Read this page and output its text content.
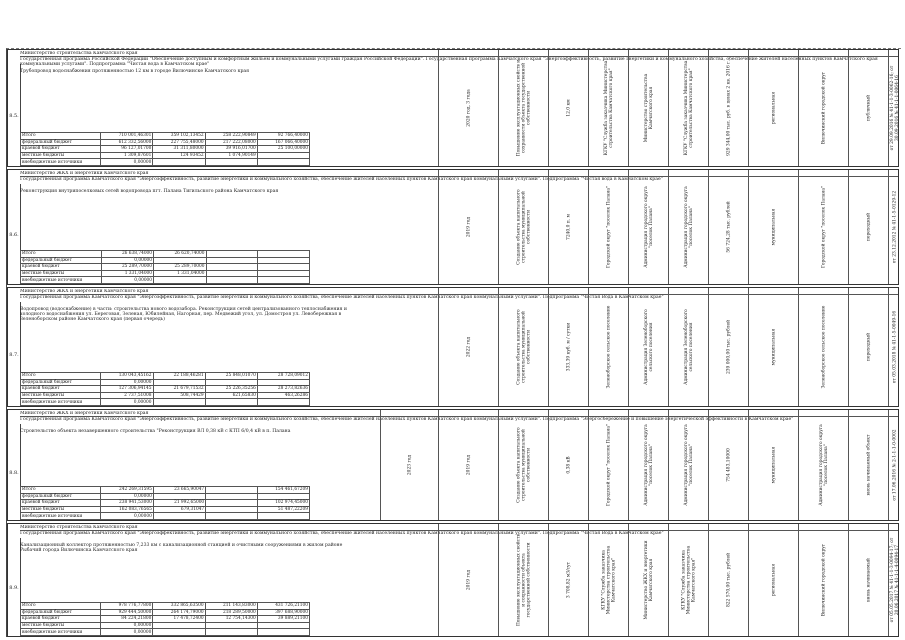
8.5.
Министерство строительства Камчатского края
Государственная программа Российской Федерации "Обеспечение доступным и комфортным жильем и коммунальными услугами граждан Российской Федерации". Государственная программа Камчатского края "Энергоэффективность, развитие энергетики и коммунального хозяйства, обеспечение жителей населенных пунктов Камчатского края коммунальными услугами". Подпрограмма "Чистая вода в Камчатском крае"
Трубопровод водоснабжения протяженностью 12 км в городе Вилючинске Камчатского края
Итого	710 001,46301	359 102,13452	258 222,90849	92 766,40000
федеральный бюджет	612 332,56000	227 755,48000	217 222,08000	167 066,40000
краевой бюджет	96 127,01700	31 311,80000	39 916,01700	25 100,00000
местные бюджеты	1 309,87601	124 93452	1 074,90149	
внебюджетные источники	0,00000			
2020 год, 3 года	Повышение эксплуатационных свойств и сохранности объекта государственной собственности	12,0 км	КГКУ "Служба заказчика Министерства строительства Камчатского края"	Министерство строительства Камчатского края	КГКУ "Служба заказчика Министерства строительства Камчатского края"	929 344,00 тыс. руб. в ценах 2 кв. 2016 г.	региональная	Вилючинский городской округ	публичный	от 29.09.2016 № 41-1-1-3-0062-16; от 30.09.2016 № 41-1-1-0064-16
8.6.
Министерство ЖКХ и энергетики Камчатского края
Государственная программа Камчатского края "Энергоэффективность, развитие энергетики и коммунального хозяйства, обеспечение жителей населенных пунктов Камчатского края коммунальными услугами". Подпрограмма "Чистая вода в Камчатском крае"
Реконструкция внутрипоселковых сетей водопровода пгт. Палана Тигильского района Камчатского края
Итого	26 638,74000	26 620,74000		
федеральный бюджет	0,00000			
краевой бюджет	25 289,70000	25 289,70000		
местные бюджеты	1 331,04000	1 331,04000		
внебюджетные источники	0,00000			
2019 год	Создание объекта капитального строительства муниципальной собственности	7240,0 п. м	Городской округ "поселок Палана"	Администрация городского округа "поселок Палана"	Администрация городского округа "поселок Палана"	56 724,28 тыс. рублей	муниципальная	Городской округ "поселок Палана"	переходный	от 23.12.2012 № 41-1-5-0129-12
8.7.
Министерство ЖКХ и энергетики Камчатского края
Государственная программа Камчатского края "Энергоэффективность, развитие энергетики и коммунального хозяйства, обеспечение жителей населенных пунктов Камчатского края коммунальными услугами". Подпрограмма "Чистая Вода в Камчатском крае"
Водопровод (водоснабжение) в части: строительства нового водозабора. Реконструкция сетей централизованного теплоснабжения и холодного водоснабжения ул. Береговая, Зеленая, Юбилейная, Нагорная, пер. Медвежий угол, ул. Домостроя ул. Левобережная в Зеленоборском районе Камчатского края (первая очередь)
Итого	130 043,45162	22 188,46281	25 848,01070	28 728,09012
федеральный бюджет	0,00000			
краевой бюджет	127 306,94145	21 679,71532	25 226,35256	28 273,82636
местные бюджеты	2 737,51008	508,74429	621,65830	463,26286
внебюджетные источники	0,00000			
2022 год	Создание объекта капитального строительства муниципальной собственности	333,39 куб. м / сутки	Зеленоборское сельское поселение	Администрация Зеленоборского сельского поселения	Администрация Зеленоборского сельского поселения	239 000,00 тыс. рублей	муниципальная	Зеленоборское сельское поселение	переходный	от 05.03.2018 № 41-1-5-0049-16
8.8.
Министерство ЖКХ и энергетики Камчатского края
Государственная программа Камчатского края "Энергоэффективность, развитие энергетики и коммунального хозяйства, обеспечение жителей населенных пунктов Камчатского края коммунальными услугами". Подпрограмма "Энергосбережение и повышение энергетической эффективности в Камчатском крае"
Строительство объекта незавершенного строительства "Реконструкция ВЛ 0,38 кВ с КТП 6/0,4 кВ в п. Палана
Итого	242 269,31595	23 665,90047		154 461,67209
федеральный бюджет	0,00000			
краевой бюджет	238 941,53000	21 992,65000		102 974,45000
местные бюджеты	162 083,76565	679,31047		51 487,22209
внебюджетные источники	0,00000			
2023 год	2019 год	Создание объекта капитального строительства муниципальной собственности	0,38 кВ	Городской округ "поселок Палана"	Администрация городского округа "поселок Палана"	Администрация городского округа "поселок Палана"	754 483,10000	муниципальная	Администрация городского округа "поселок Палана"	вновь начинаемый объект	от 17.06.2016 № 2-1-1-1-0-0002
8.9.
Министерство строительства Камчатского края
Государственная программа Камчатского края "Энергоэффективность, развитие энергетики и коммунального хозяйства, обеспечение жителей населенных пунктов Камчатского края коммунальными услугами". Подпрограмма "Чистая Вода в Камчатском крае"
Канализационный коллектор протяженностью 7,233 км с канализационной станцией и очистными сооружениями в жилом районе Рыбачий города Вилючинска Камчатского края
Итого	978 776,77800	332 865,63500	211 143,83000	431 726,21100
федеральный бюджет	929 444,50000	264 174,79000	218 289,50000	397 688,90000
краевой бюджет	84 224,21800	17 478,72400	12 754,14300	39 889,21100
местные бюджеты	0,00000			
внебюджетные источники	0,00000			
2019 год	Повышение эксплуатационных свойств и сохранности объекта государственной собственности	3 708,82 м3/сут	КГКУ "Служба заказчика Министерства строительства Камчатского края"	Министерство ЖКХ и энергетики Камчатского края	КГКУ "Служба заказчика Министерства строительства Камчатского края"	822 570,00 тыс. рублей	региональная	Вилючинский городской округ	вновь начинаемый	от 05.05.2017 № 41-1-1-3-0094-17; от 20.06.2017 № 41-1-1-4-0094-17
